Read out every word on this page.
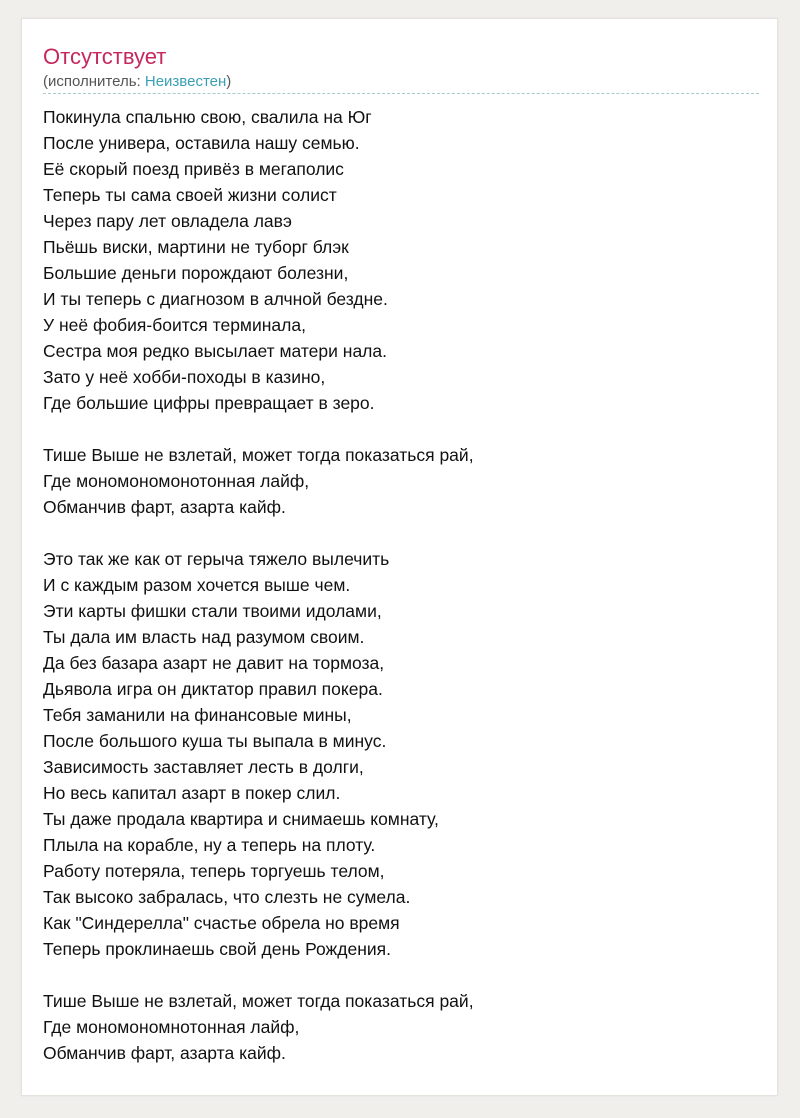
Отсутствует
(исполнитель: Неизвестен)

Покинула спальню свою, свалила на Юг
После универа, оставила нашу семью.
Её скорый поезд привёз в мегаполис
Теперь ты сама своей жизни солист
Через пару лет овладела лавэ
Пьёшь виски, мартини не туборг блэк
Большие деньги порождают болезни,
И ты теперь с диагнозом в алчной бездне.
У неё фобия-боится терминала,
Сестра моя редко высылает матери нала.
Зато у неё хобби-походы в казино,
Где большие цифры превращает в зеро.

Тише Выше не взлетай, может тогда показаться рай,
Где мономономонотонная лайф,
Обманчив фарт, азарта кайф.

Это так же как от герыча тяжело вылечить
И с каждым разом хочется выше чем.
Эти карты фишки стали твоими идолами,
Ты дала им власть над разумом своим.
Да без базара азарт не давит на тормоза,
Дьявола игра он диктатор правил покера.
Тебя заманили на финансовые мины,
После большого куша ты выпала в минус.
Зависимость заставляет лесть в долги,
Но весь капитал азарт в покер слил.
Ты даже продала квартира и снимаешь комнату,
Плыла на корабле, ну а теперь на плоту.
Работу потеряла, теперь торгуешь телом,
Так высоко забралась, что слезть не сумела.
Как "Синдерелла" счастье обрела но время
Теперь проклинаешь свой день Рождения.

Тише Выше не взлетай, может тогда показаться рай,
Где мономономнотонная лайф,
Обманчив фарт, азарта кайф.
